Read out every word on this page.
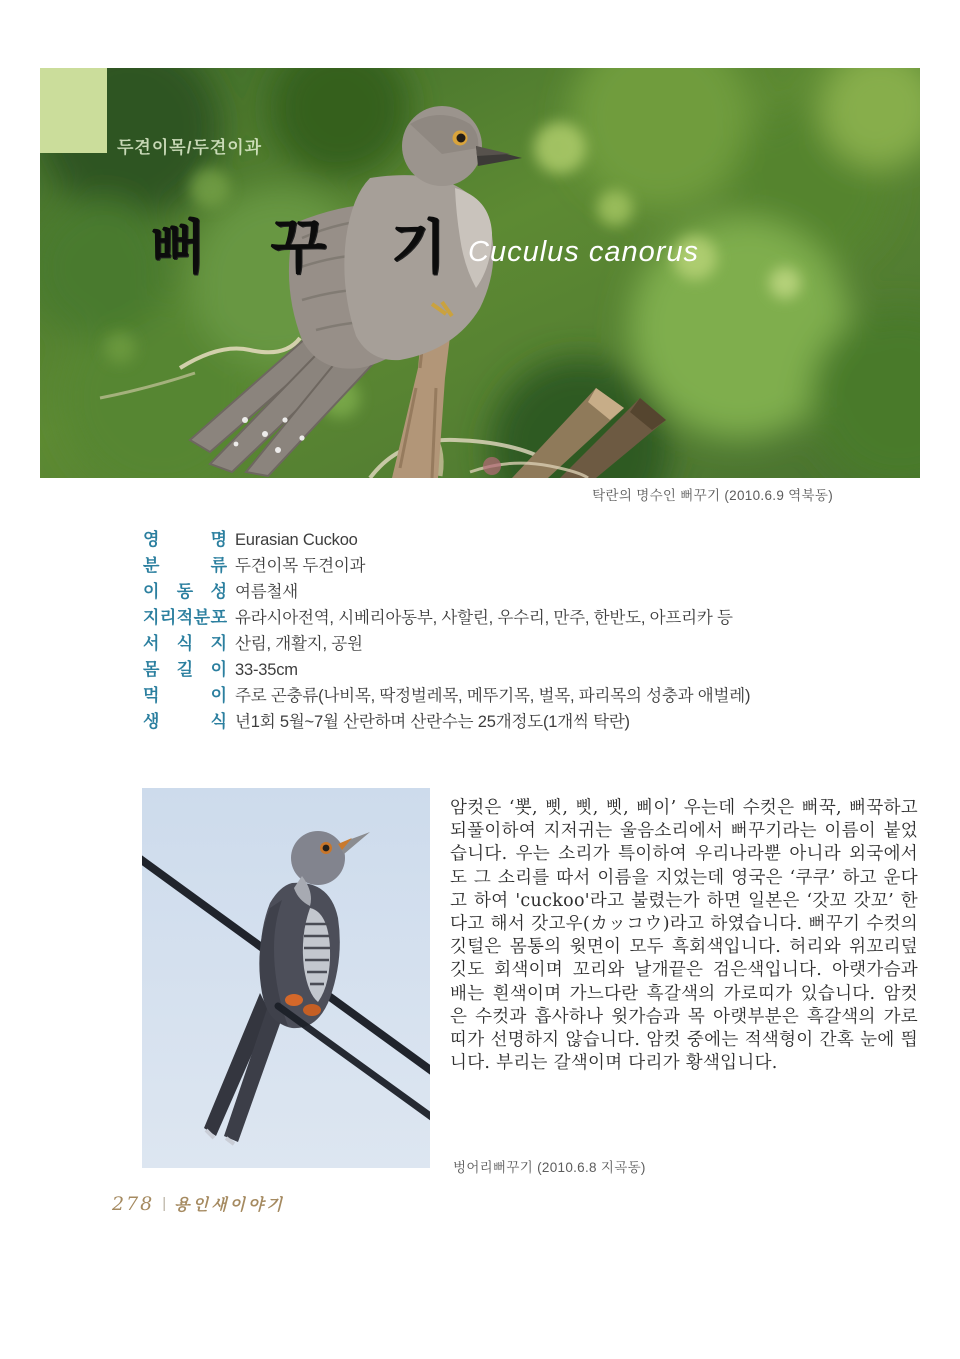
두견이목/두견이과
뻐 꾸 기 Cuculus canorus
탁란의 명수인 뻐꾸기 (2010.6.9 역북동)
영	명 Eurasian Cuckoo
분	류 두견이목 두견이과
이 동 성 여름철새
지 리 적 분 포 유라시아전역, 시베리아동부, 사할린, 우수리, 만주, 한반도, 아프리카 등
서 식 지 산림, 개활지, 공원
몸 길 이 33-35cm
먹	이 주로 곤충류(나비목, 딱정벌레목, 메뚜기목, 벌목, 파리목의 성충과 애벌레)
생	식 년1회 5월~7월 산란하며 산란수는 25개정도(1개씩 탁란)
암컷은 ‘뽓, 삣, 삣, 삣, 삐이’ 우는데 수컷은 뻐꾹, 뻐꾹하고 되풀이하여 지저귀는 울음소리에서 뻐꾸기라는 이름이 붙었습니다. 우는 소리가 특이하여 우리나라뿐 아니라 외국에서도 그 소리를 따서 이름을 지었는데 영국은 ‘쿠쿠’ 하고 운다고 하여 'cuckoo'라고 불렸는가 하면 일본은 ‘갓꼬 갓꼬’ 한다고 해서 갓고우(カッコウ)라고 하였습니다. 뻐꾸기 수컷의 깃털은 몸통의 윗면이 모두 흑회색입니다. 허리와 위꼬리덮깃도 회색이며 꼬리와 날개끝은 검은색입니다. 아랫가슴과 배는 흰색이며 가느다란 흑갈색의 가로띠가 있습니다. 암컷은 수컷과 흡사하나 윗가슴과 목 아랫부분은 흑갈색의 가로띠가 선명하지 않습니다. 암컷 중에는 적색형이 간혹 눈에 띕니다. 부리는 갈색이며 다리가 황색입니다.
벙어리뻐꾸기 (2010.6.8 지곡동)
278 | 용인새이야기
